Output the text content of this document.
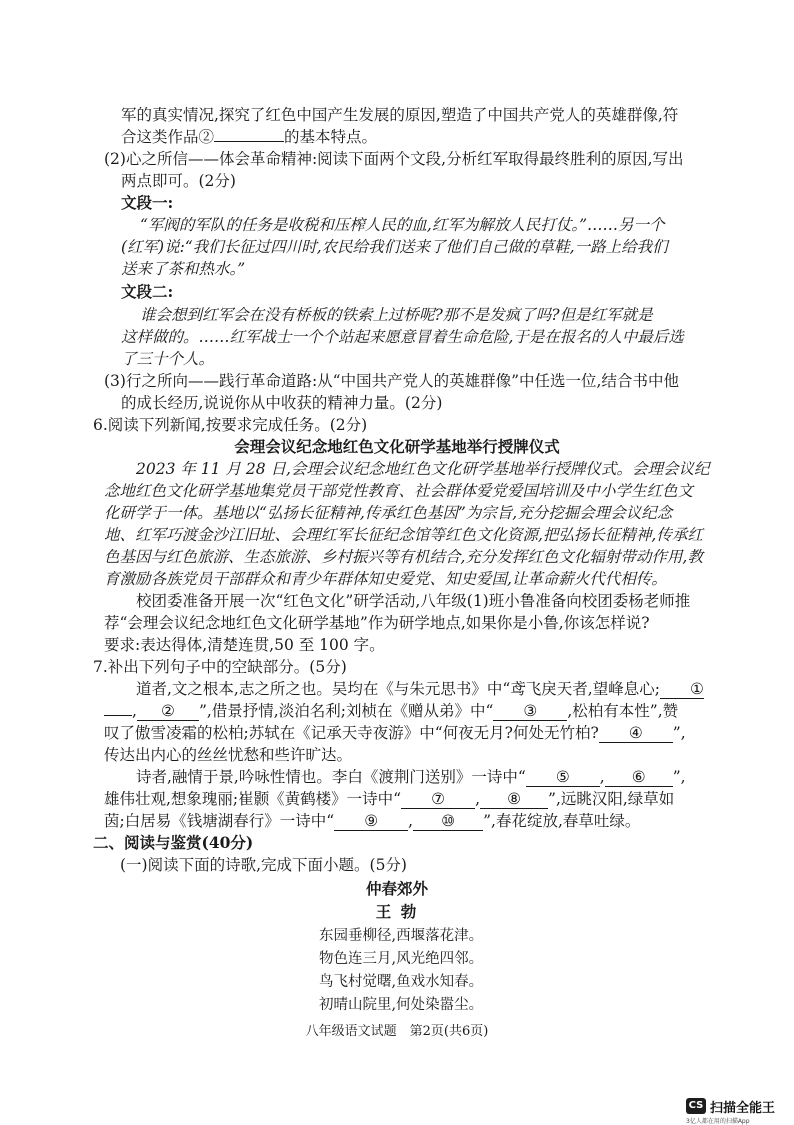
军的真实情况,探究了红色中国产生发展的原因,塑造了中国共产党人的英雄群像,符
合这类作品②	的基本特点。
(2)心之所信——体会革命精神:阅读下面两个文段,分析红军取得最终胜利的原因,写出
两点即可。(2分)
文段一:
“军阀的军队的任务是收税和压榨人民的血,红军为解放人民打仗。”……另一个
(红军)说:“我们长征过四川时,农民给我们送来了他们自己做的草鞋,一路上给我们
送来了茶和热水。”
文段二:
谁会想到红军会在没有桥板的铁索上过桥呢?那不是发疯了吗?但是红军就是
这样做的。……红军战士一个个站起来愿意冒着生命危险,于是在报名的人中最后选
了三十个人。
(3)行之所向——践行革命道路:从“中国共产党人的英雄群像”中任选一位,结合书中他
的成长经历,说说你从中收获的精神力量。(2分)
6.阅读下列新闻,按要求完成任务。(2分)
会理会议纪念地红色文化研学基地举行授牌仪式
2023 年 11 月 28 日,会理会议纪念地红色文化研学基地举行授牌仪式。会理会议纪
念地红色文化研学基地集党员干部党性教育、社会群体爱党爱国培训及中小学生红色文
化研学于一体。基地以“弘扬长征精神,传承红色基因”为宗旨,充分挖掘会理会议纪念
地、红军巧渡金沙江旧址、会理红军长征纪念馆等红色文化资源,把弘扬长征精神,传承红
色基因与红色旅游、生态旅游、乡村振兴等有机结合,充分发挥红色文化辐射带动作用,教
育激励各族党员干部群众和青少年群体知史爱党、知史爱国,让革命薪火代代相传。
校团委准备开展一次“红色文化”研学活动,八年级(1)班小鲁准备向校团委杨老师推
荐“会理会议纪念地红色文化研学基地”作为研学地点,如果你是小鲁,你该怎样说?
要求:表达得体,清楚连贯,50 至 100 字。
7.补出下列句子中的空缺部分。(5分)
道者,文之根本,志之所之也。吴均在《与朱元思书》中“鸢飞戾天者,望峰息心; ①
, ② ”,借景抒情,淡泊名利;刘桢在《赠从弟》中“ ③ ,松柏有本性”,赞
叹了傲雪凌霜的松柏;苏轼在《记承天寺夜游》中“何夜无月?何处无竹柏? ④ ”,
传达出内心的丝丝忧愁和些许旷达。
诗者,融情于景,吟咏性情也。李白《渡荆门送别》一诗中“ ⑤ , ⑥ ”,
雄伟壮观,想象瑰丽;崔颢《黄鹤楼》一诗中“ ⑦ , ⑧ ”,远眺汉阳,绿草如
茵;白居易《钱塘湖春行》一诗中“ ⑨ , ⑩ ”,春花绽放,春草吐绿。
二、阅读与鉴赏(40分)
(一)阅读下面的诗歌,完成下面小题。(5分)
仲春郊外
王 勃
东园垂柳径,西堰落花津。
物色连三月,风光绝四邻。
鸟飞村觉曙,鱼戏水知春。
初晴山院里,何处染嚣尘。
八年级语文试题　第2页(共6页)
CS 扫描全能王
3亿人都在用的扫描App
